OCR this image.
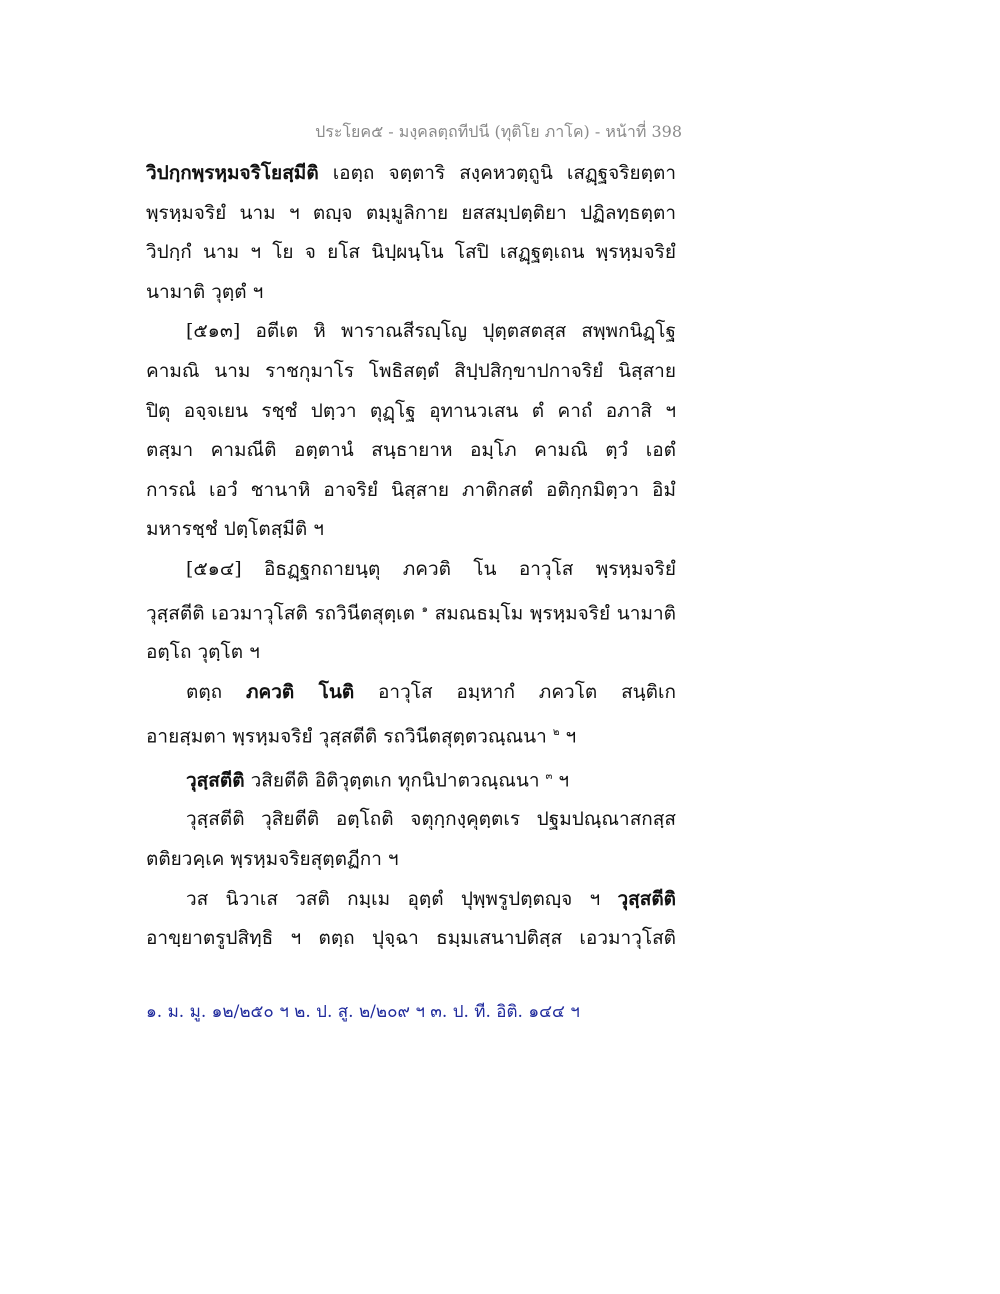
ประโยค๕ - มงฺคลตฺถทีปนี (ทุติโย ภาโค) - หน้าที่ 398
วิปกฺกพฺรหฺมจริโยสฺมีติ เอตฺถ จตฺตาริ สงฺคหวตฺถูนิ เสฏฺฐจริยตฺตา
พฺรหฺมจริยํ นาม ฯ ตญฺจ ตมฺมูลิกาย ยสสมฺปตฺติยา ปฏิลทฺธตฺตา
วิปกฺกํ นาม ฯ โย จ ยโส นิปฺผนฺโน โสปิ เสฏฺฐตฺเถน พฺรหฺมจริยํ
นามาติ วุตฺตํ ฯ
[๕๑๓] อตีเต หิ พาราณสีรญฺโญ ปุตฺตสตสฺส สพฺพกนิฏฺโฐ
คามณิ นาม ราชกุมาโร โพธิสตฺตํ สิปฺปสิกฺขาปกาจริยํ นิสฺสาย
ปิตุ อจฺจเยน รชฺชํ ปตฺวา ตุฏฺโฐ อุทานวเสน ตํ คาถํ อภาสิ ฯ
ตสฺมา คามณีติ อตฺตานํ สนฺธายาห อมฺโภ คามณิ ตฺวํ เอตํ
การณํ เอวํ ชานาหิ อาจริยํ นิสฺสาย ภาติกสตํ อติกฺกมิตฺวา อิมํ
มหารชฺชํ ปตฺโตสฺมีติ ฯ
[๕๑๔] อิธฏฺฐกถายนฺตุ ภควติ โน อาวุโส พฺรหฺมจริยํ
วุสฺสตีติ เอวมาวุโสติ รถวินีตสุตฺเต $^๑$ สมณธมฺโม พฺรหฺมจริยํ นามาติ
อตฺโถ วุตฺโต ฯ
ตตฺถ ภควติ โนติ อาวุโส อมฺหากํ ภควโต สนฺติเก
อายสฺมตา พฺรหฺมจริยํ วุสฺสตีติ รถวินีตสุตฺตวณฺณนา $^๒$ ฯ
วุสฺสตีติ วสิยตีติ อิติวุตฺตเก ทุกนิปาตวณฺณนา $^๓$ ฯ
วุสฺสตีติ วุสิยตีติ อตฺโถติ จตุกฺกงฺคุตฺตเร ปฐมปณฺณาสกสฺส
ตติยวคฺเค พฺรหฺมจริยสุตฺตฏีกา ฯ
วส นิวาเส วสติ กมฺเม อุตฺตํ ปุพฺพรูปตฺตญฺจ ฯ วุสฺสตีติ
อาขฺยาตรูปสิทฺธิ ฯ ตตฺถ ปุจฺฉา ธมฺมเสนาปติสฺส เอวมาวุโสติ
๑. ม. มู. ๑๒/๒๕๐ ฯ ๒. ป. สู. ๒/๒๐๙ ฯ ๓. ป. ที. อิติ. ๑๔๔ ฯ
